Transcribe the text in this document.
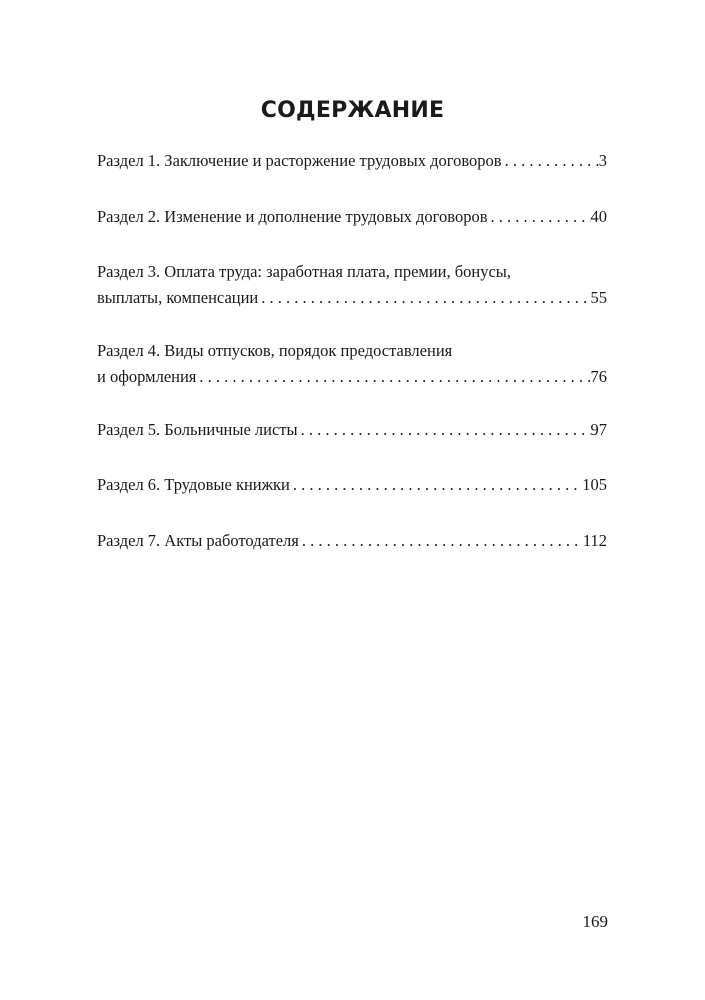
СОДЕРЖАНИЕ
Раздел 1. Заключение и расторжение трудовых договоров . . .	3
Раздел 2. Изменение и дополнение трудовых договоров . . .	40
Раздел 3. Оплата труда: заработная плата, премии, бонусы,
выплаты, компенсации . . .	55
Раздел 4. Виды отпусков, порядок предоставления
и оформления . . .	76
Раздел 5. Больничные листы . . .	97
Раздел 6. Трудовые книжки . . .	105
Раздел 7. Акты работодателя . . .	112
169
